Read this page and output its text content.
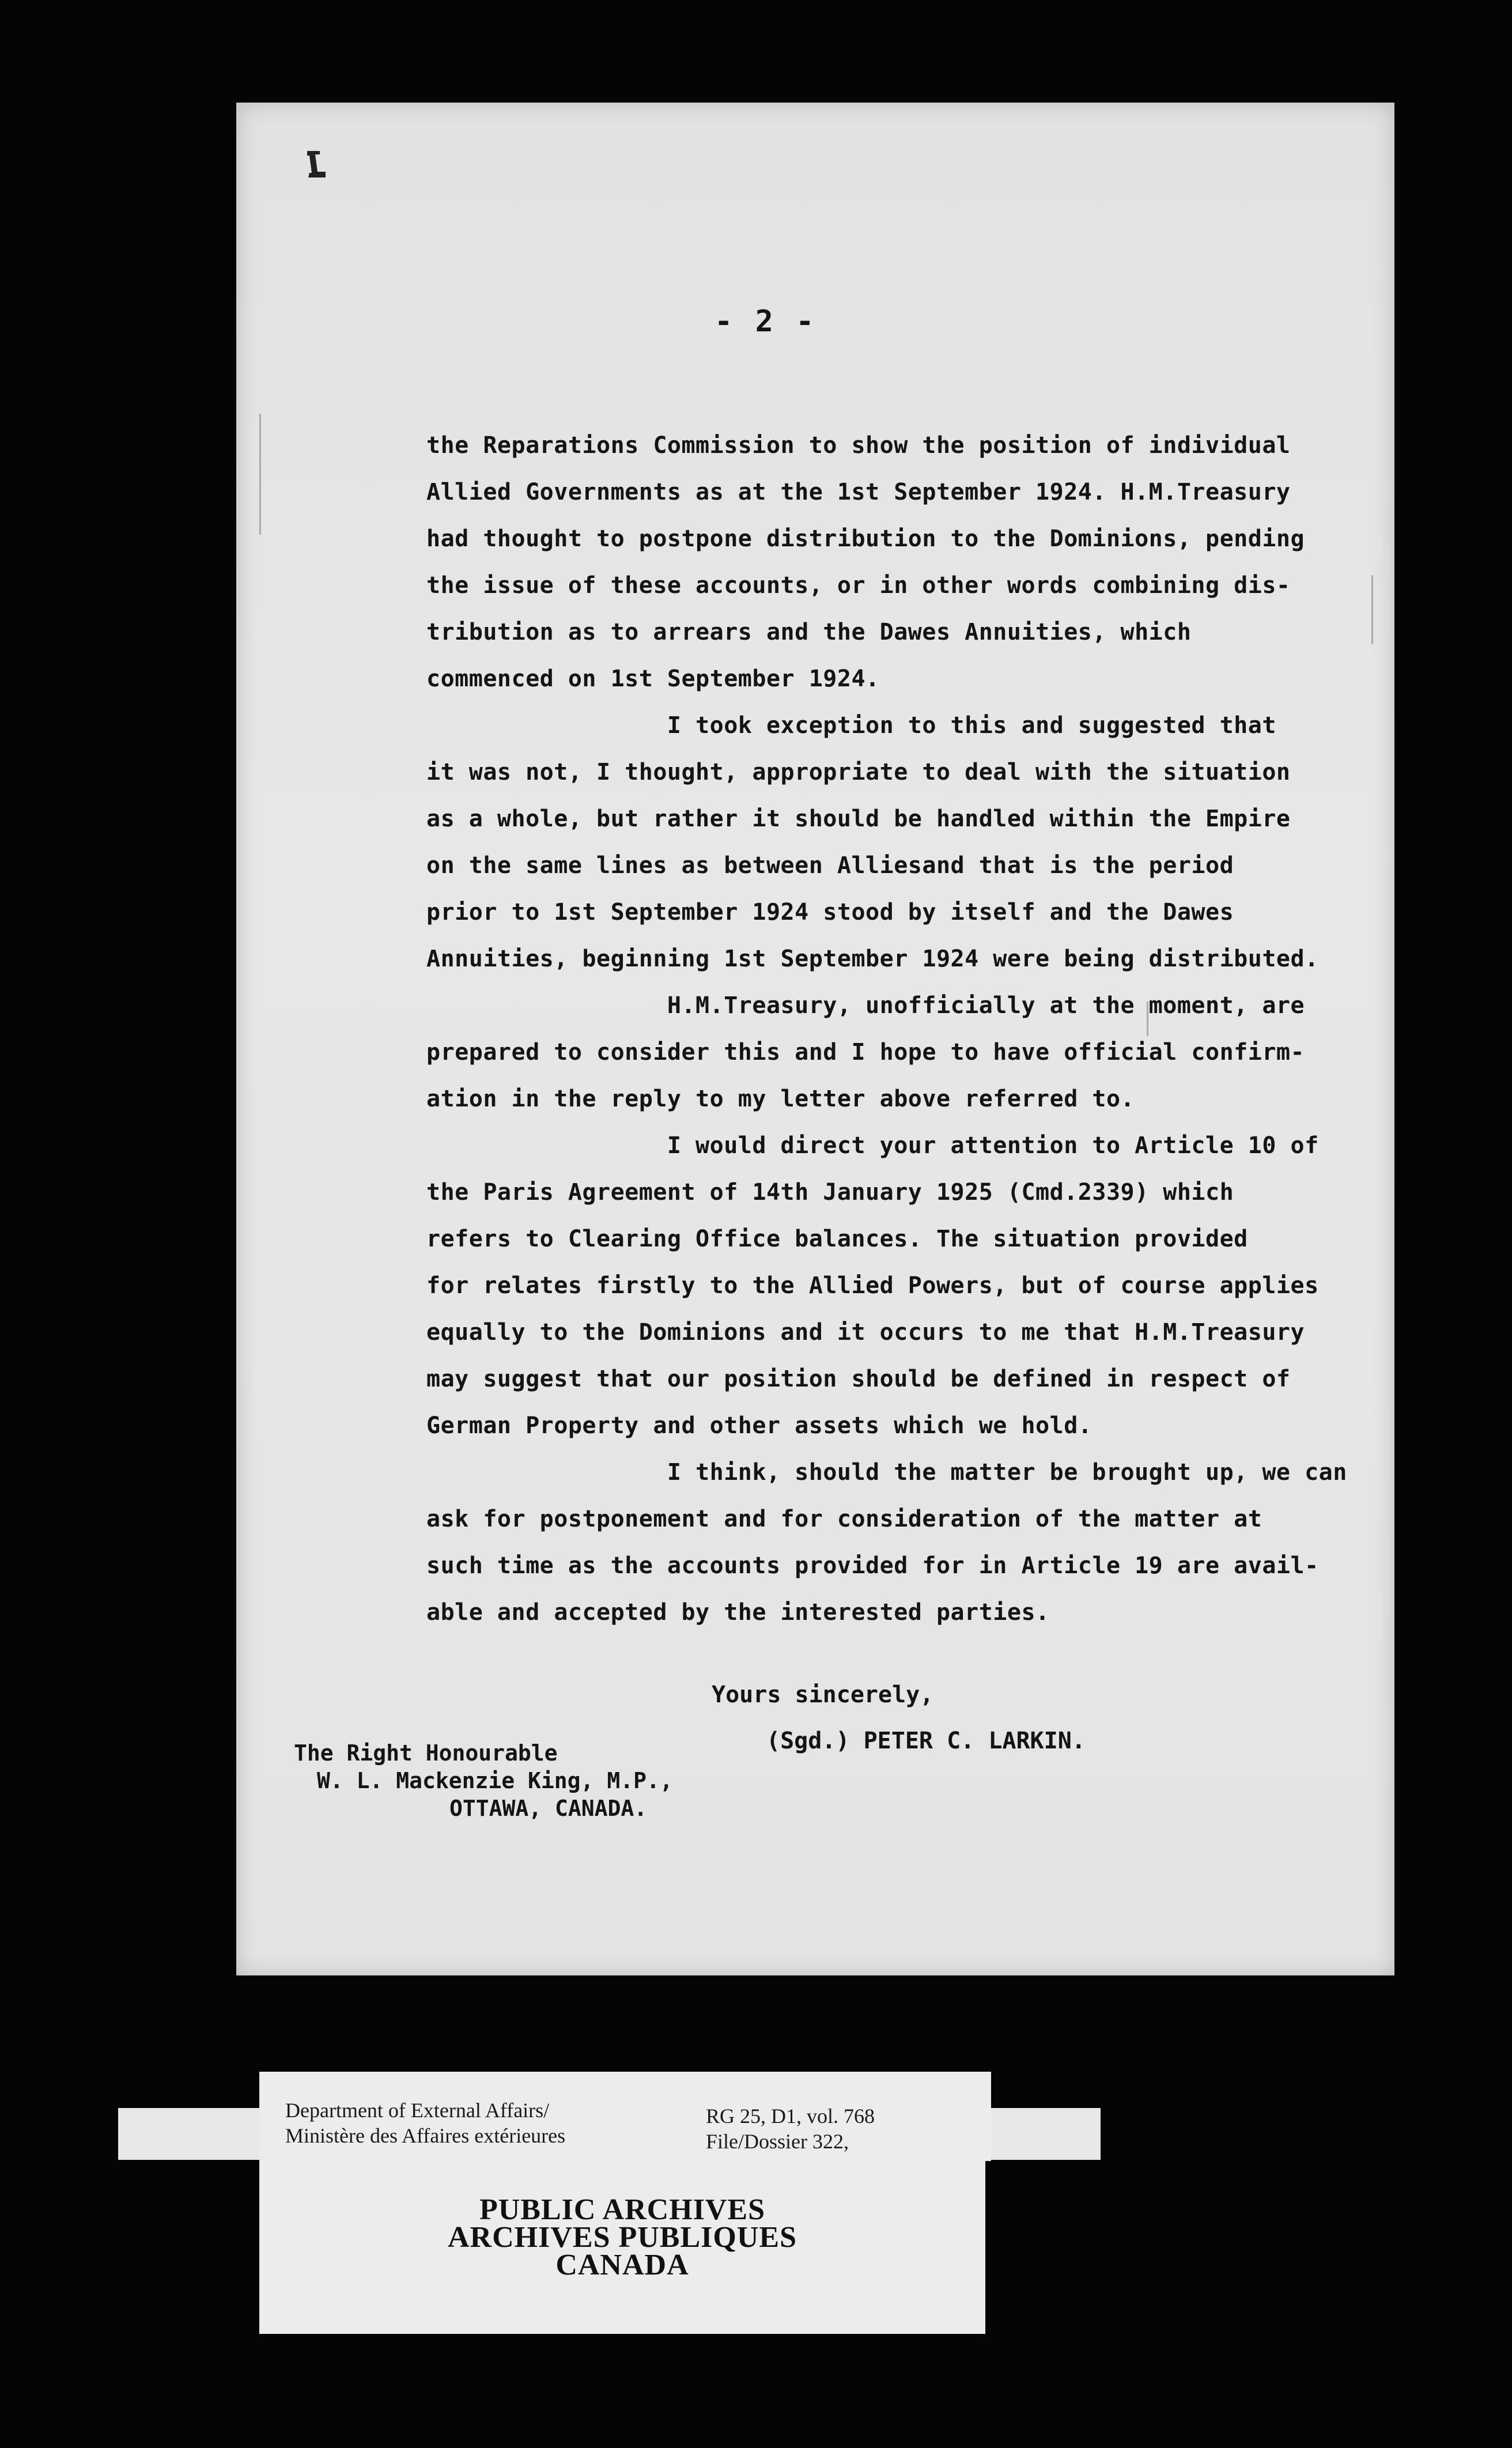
- 2 -
the Reparations Commission to show the position of individual
Allied Governments as at the 1st September 1924. H.M.Treasury
had thought to postpone distribution to the Dominions, pending
the issue of these accounts, or in other words combining dis-
tribution as to arrears and the Dawes Annuities, which
commenced on 1st September 1924.
I took exception to this and suggested that
it was not, I thought, appropriate to deal with the situation
as a whole, but rather it should be handled within the Empire
on the same lines as between Alliesand that is the period
prior to 1st September 1924 stood by itself and the Dawes
Annuities, beginning 1st September 1924 were being distributed.
H.M.Treasury, unofficially at the moment, are
prepared to consider this and I hope to have official confirm-
ation in the reply to my letter above referred to.
I would direct your attention to Article 10 of
the Paris Agreement of 14th January 1925 (Cmd.2339) which
refers to Clearing Office balances. The situation provided
for relates firstly to the Allied Powers, but of course applies
equally to the Dominions and it occurs to me that H.M.Treasury
may suggest that our position should be defined in respect of
German Property and other assets which we hold.
I think, should the matter be brought up, we can
ask for postponement and for consideration of the matter at
such time as the accounts provided for in Article 19 are avail-
able and accepted by the interested parties.
Yours sincerely,
(Sgd.) PETER C. LARKIN.
The Right Honourable
W. L. Mackenzie King, M.P.,
OTTAWA, CANADA.
Department of External Affairs/
Ministère des Affaires extérieures
RG 25, D1, vol. 768
File/Dossier 322,
PUBLIC ARCHIVES
ARCHIVES PUBLIQUES
CANADA
